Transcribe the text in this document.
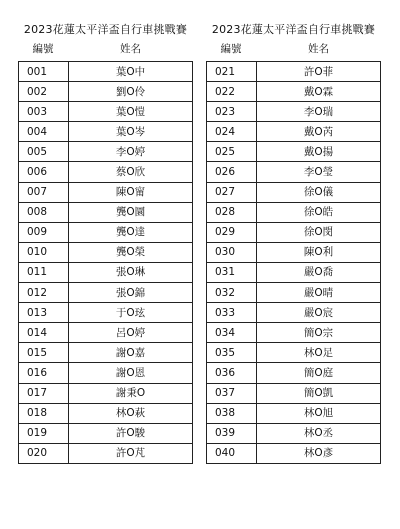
2023花蓮太平洋盃自行車挑戰賽
編號	姓名
001	葉O中
002	劉O伶
003	葉O愷
004	葉O岑
005	李O婷
006	蔡O欣
007	陳O甯
008	龔O圜
009	龔O達
010	龔O榮
011	張O琳
012	張O錦
013	于O玹
014	呂O婷
015	謝O嘉
016	謝O恩
017	謝秉O
018	林O萩
019	許O駿
020	許O芃
2023花蓮太平洋盃自行車挑戰賽
編號	姓名
021	許O菲
022	戴O霖
023	李O瑞
024	戴O芮
025	戴O揚
026	李O瑩
027	徐O儀
028	徐O皓
029	徐O閔
030	陳O利
031	嚴O喬
032	嚴O晴
033	嚴O宸
034	簡O宗
035	林O足
036	簡O庭
037	簡O凱
038	林O旭
039	林O丞
040	林O彥
